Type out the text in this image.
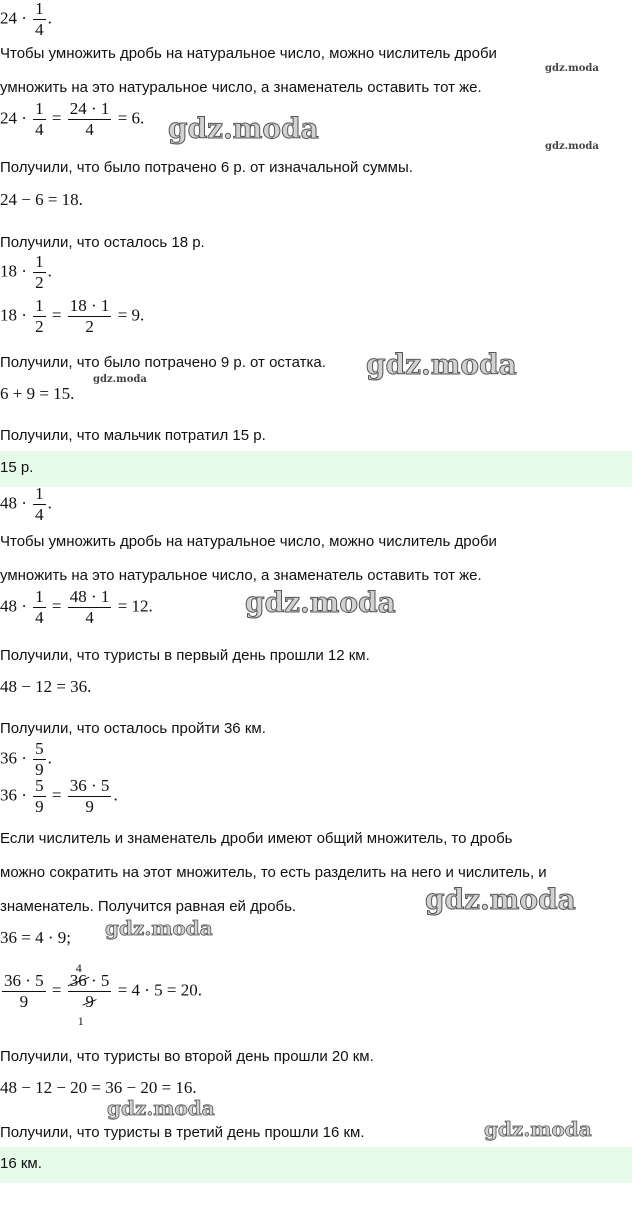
$24 \cdot \frac{1}{4}$ .
Чтобы умножить дробь на натуральное число, можно числитель дроби
умножить на это натуральное число, а знаменатель оставить тот же.
$24 \cdot \frac{1}{4} = \frac{24 \cdot 1}{4} = 6$.
Получили, что было потрачено 6 р. от изначальной суммы.
24 − 6 = 18.
Получили, что осталось 18 р.
$18 \cdot \frac{1}{2}$ .
$18 \cdot \frac{1}{2} = \frac{18 \cdot 1}{2} = 9$.
Получили, что было потрачено 9 р. от остатка.
6 + 9 = 15.
Получили, что мальчик потратил 15 р.
15 р.
$48 \cdot \frac{1}{4}$ .
Чтобы умножить дробь на натуральное число, можно числитель дроби
умножить на это натуральное число, а знаменатель оставить тот же.
$48 \cdot \frac{1}{4} = \frac{48 \cdot 1}{4} = 12$.
Получили, что туристы в первый день прошли 12 км.
48 − 12 = 36.
Получили, что осталось пройти 36 км.
$36 \cdot \frac{5}{9}$ .
$36 \cdot \frac{5}{9} = \frac{36 \cdot 5}{9}$ .
Если числитель и знаменатель дроби имеют общий множитель, то дробь
можно сократить на этот множитель, то есть разделить на него и числитель, и
знаменатель. Получится равная ей дробь.
36 = 4 · 9;
$\frac{36 \cdot 5}{9} = 36 \cdot 5$
9
4
1
= 4 · 5 = 20.
Получили, что туристы во второй день прошли 20 км.
48 − 12 − 20 = 36 − 20 = 16.
Получили, что туристы в третий день прошли 16 км.
16 км.
gdz.moda
gdz.moda
gdz.moda
gdz.moda
gdz.moda
gdz.moda
gdz.moda
gdz.moda
gdz.moda
gdz.moda
